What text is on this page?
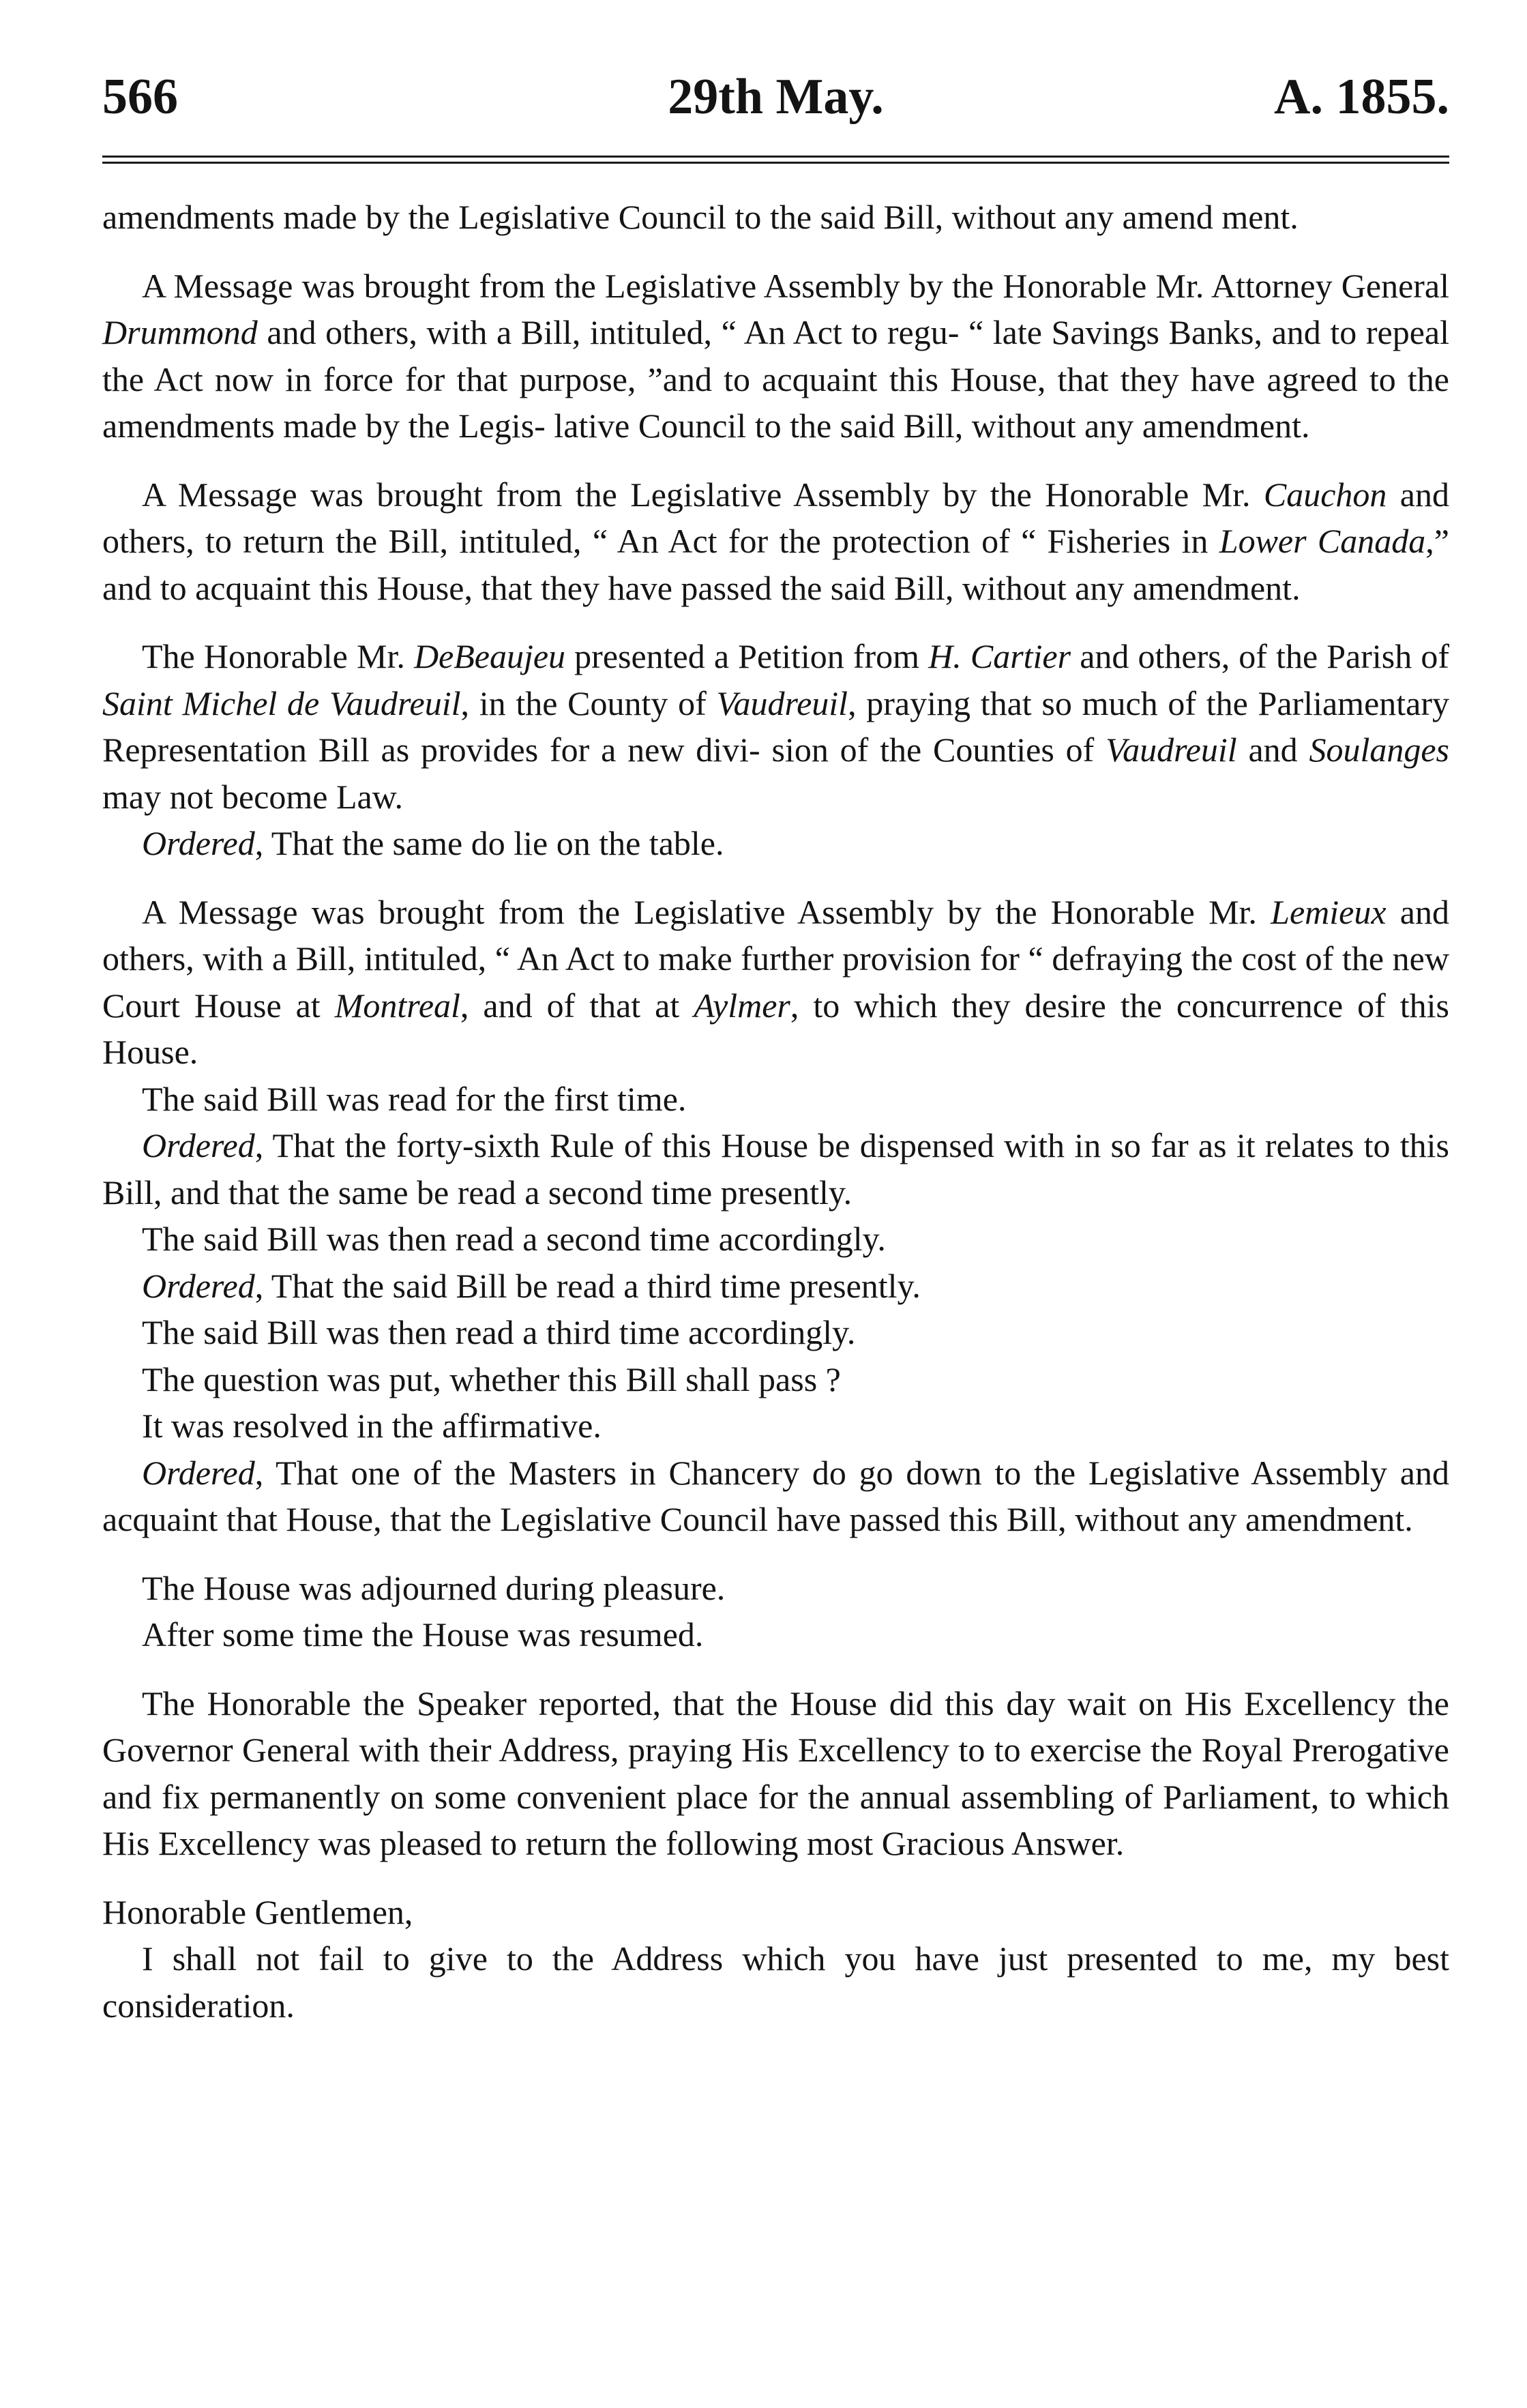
566	29th May.	A. 1855.

amendments made by the Legislative Council to the said Bill, without any amend ment.

A Message was brought from the Legislative Assembly by the Honorable Mr. Attorney General Drummond and others, with a Bill, intituled, “ An Act to regu- “ late Savings Banks, and to repeal the Act now in force for that purpose, ”and to acquaint this House, that they have agreed to the amendments made by the Legis- lative Council to the said Bill, without any amendment.

A Message was brought from the Legislative Assembly by the Honorable Mr. Cauchon and others, to return the Bill, intituled, “ An Act for the protection of “ Fisheries in Lower Canada,” and to acquaint this House, that they have passed the said Bill, without any amendment.

The Honorable Mr. DeBeaujeu presented a Petition from H. Cartier and others, of the Parish of Saint Michel de Vaudreuil, in the County of Vaudreuil, praying that so much of the Parliamentary Representation Bill as provides for a new divi- sion of the Counties of Vaudreuil and Soulanges may not become Law.

Ordered, That the same do lie on the table.

A Message was brought from the Legislative Assembly by the Honorable Mr. Lemieux and others, with a Bill, intituled, “ An Act to make further provision for “ defraying the cost of the new Court House at Montreal, and of that at Aylmer, to which they desire the concurrence of this House.

The said Bill was read for the first time.

Ordered, That the forty-sixth Rule of this House be dispensed with in so far as it relates to this Bill, and that the same be read a second time presently.

The said Bill was then read a second time accordingly.

Ordered, That the said Bill be read a third time presently.

The said Bill was then read a third time accordingly.

The question was put, whether this Bill shall pass ?

It was resolved in the affirmative.

Ordered, That one of the Masters in Chancery do go down to the Legislative Assembly and acquaint that House, that the Legislative Council have passed this Bill, without any amendment.

The House was adjourned during pleasure.

After some time the House was resumed.

The Honorable the Speaker reported, that the House did this day wait on His Excellency the Governor General with their Address, praying His Excellency to to exercise the Royal Prerogative and fix permanently on some convenient place for the annual assembling of Parliament, to which His Excellency was pleased to return the following most Gracious Answer.

Honorable Gentlemen,

I shall not fail to give to the Address which you have just presented to me, my best consideration.
